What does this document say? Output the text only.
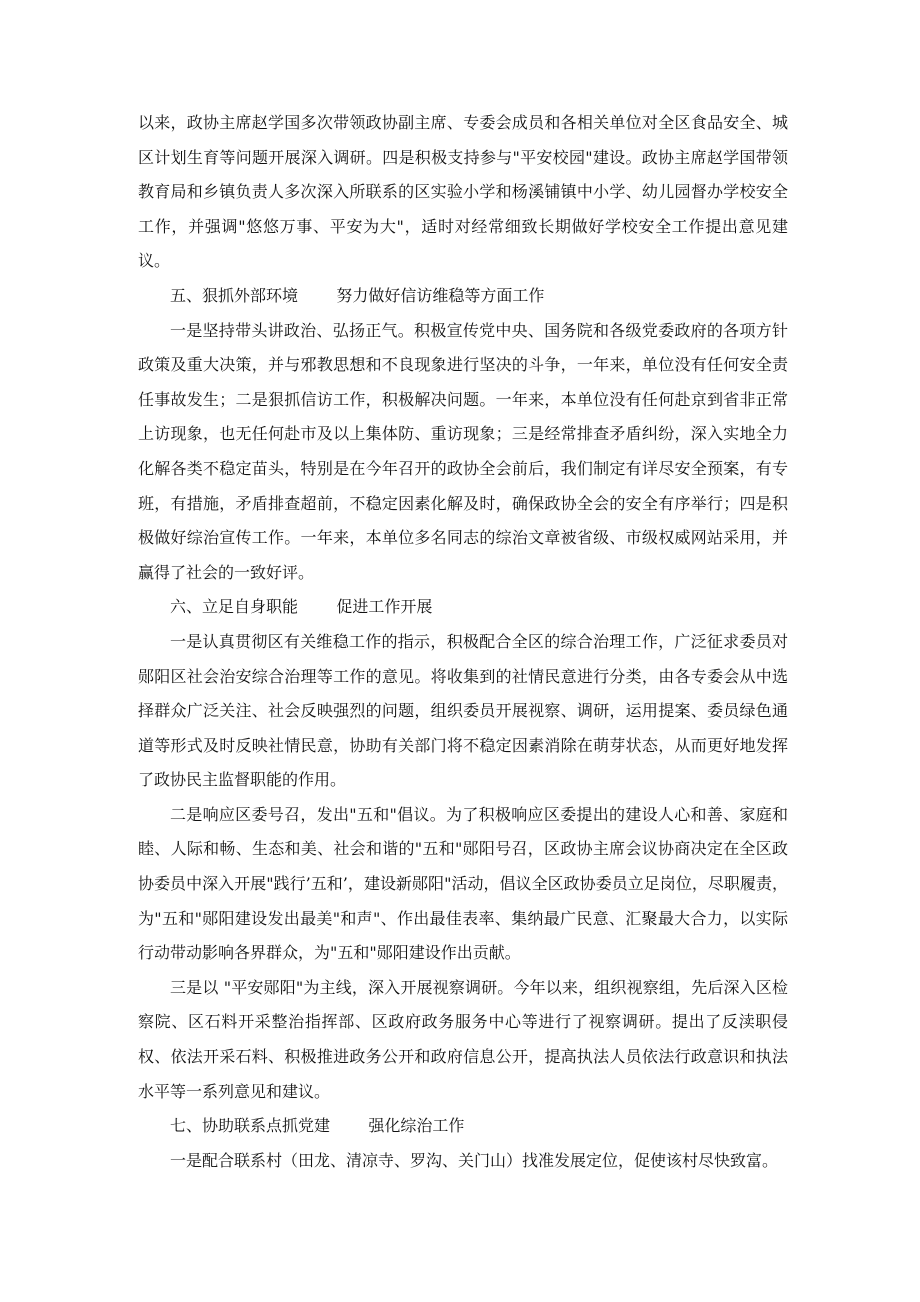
以来，政协主席赵学国多次带领政协副主席、专委会成员和各相关单位对全区食品安全、城区计划生育等问题开展深入调研。四是积极支持参与"平安校园"建设。政协主席赵学国带领教育局和乡镇负责人多次深入所联系的区实验小学和杨溪铺镇中小学、幼儿园督办学校安全工作，并强调"悠悠万事、平安为大"，适时对经常细致长期做好学校安全工作提出意见建议。

五、狠抓外部环境 努力做好信访维稳等方面工作

一是坚持带头讲政治、弘扬正气。积极宣传党中央、国务院和各级党委政府的各项方针政策及重大决策，并与邪教思想和不良现象进行坚决的斗争，一年来，单位没有任何安全责任事故发生；二是狠抓信访工作，积极解决问题。一年来，本单位没有任何赴京到省非正常上访现象，也无任何赴市及以上集体防、重访现象；三是经常排查矛盾纠纷，深入实地全力化解各类不稳定苗头，特别是在今年召开的政协全会前后，我们制定有详尽安全预案，有专班，有措施，矛盾排查超前，不稳定因素化解及时，确保政协全会的安全有序举行；四是积极做好综治宣传工作。一年来，本单位多名同志的综治文章被省级、市级权威网站采用，并赢得了社会的一致好评。

六、立足自身职能 促进工作开展

一是认真贯彻区有关维稳工作的指示，积极配合全区的综合治理工作，广泛征求委员对郧阳区社会治安综合治理等工作的意见。将收集到的社情民意进行分类，由各专委会从中选择群众广泛关注、社会反映强烈的问题，组织委员开展视察、调研，运用提案、委员绿色通道等形式及时反映社情民意，协助有关部门将不稳定因素消除在萌芽状态，从而更好地发挥了政协民主监督职能的作用。

二是响应区委号召，发出"五和"倡议。为了积极响应区委提出的建设人心和善、家庭和睦、人际和畅、生态和美、社会和谐的"五和"郧阳号召，区政协主席会议协商决定在全区政协委员中深入开展"践行’五和’，建设新郧阳"活动，倡议全区政协委员立足岗位，尽职履责，为"五和"郧阳建设发出最美"和声"、作出最佳表率、集纳最广民意、汇聚最大合力，以实际行动带动影响各界群众，为"五和"郧阳建设作出贡献。

三是以 "平安郧阳"为主线，深入开展视察调研。今年以来，组织视察组，先后深入区检察院、区石料开采整治指挥部、区政府政务服务中心等进行了视察调研。提出了反渎职侵权、依法开采石料、积极推进政务公开和政府信息公开，提高执法人员依法行政意识和执法水平等一系列意见和建议。

七、协助联系点抓党建 强化综治工作

一是配合联系村（田龙、清凉寺、罗沟、关门山）找准发展定位，促使该村尽快致富。
